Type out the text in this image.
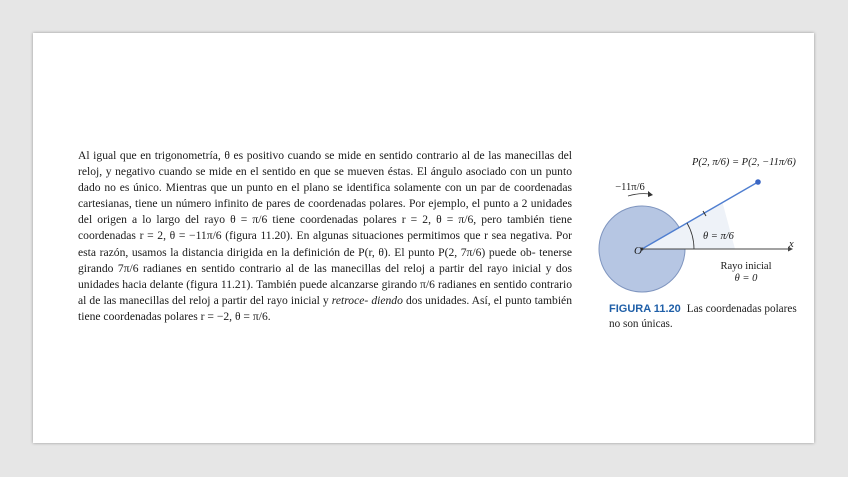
Al igual que en trigonometría, θ es positivo cuando se mide en sentido contrario al de las manecillas del reloj, y negativo cuando se mide en el sentido en que se mueven éstas. El ángulo asociado con un punto dado no es único. Mientras que un punto en el plano se identifica solamente con un par de coordenadas cartesianas, tiene un número infinito de pares de coordenadas polares. Por ejemplo, el punto a 2 unidades del origen a lo largo del rayo θ = π/6 tiene coordenadas polares r = 2, θ = π/6, pero también tiene coordenadas r = 2, θ = −11π/6 (figura 11.20). En algunas situaciones permitimos que r sea negativa. Por esta razón, usamos la distancia dirigida en la definición de P(r, θ). El punto P(2, 7π/6) puede ob- tenerse girando 7π/6 radianes en sentido contrario al de las manecillas del reloj a partir del rayo inicial y dos unidades hacia delante (figura 11.21). También puede alcanzarse girando π/6 radianes en sentido contrario al de las manecillas del reloj a partir del rayo inicial y retroce- diendo dos unidades. Así, el punto también tiene coordenadas polares r = −2, θ = π/6.

P(2, π/6) = P(2, −11π/6)
−11π/6
θ = π/6
O
x
Rayo inicial
θ = 0

FIGURA 11.20 Las coordenadas polares no son únicas.
